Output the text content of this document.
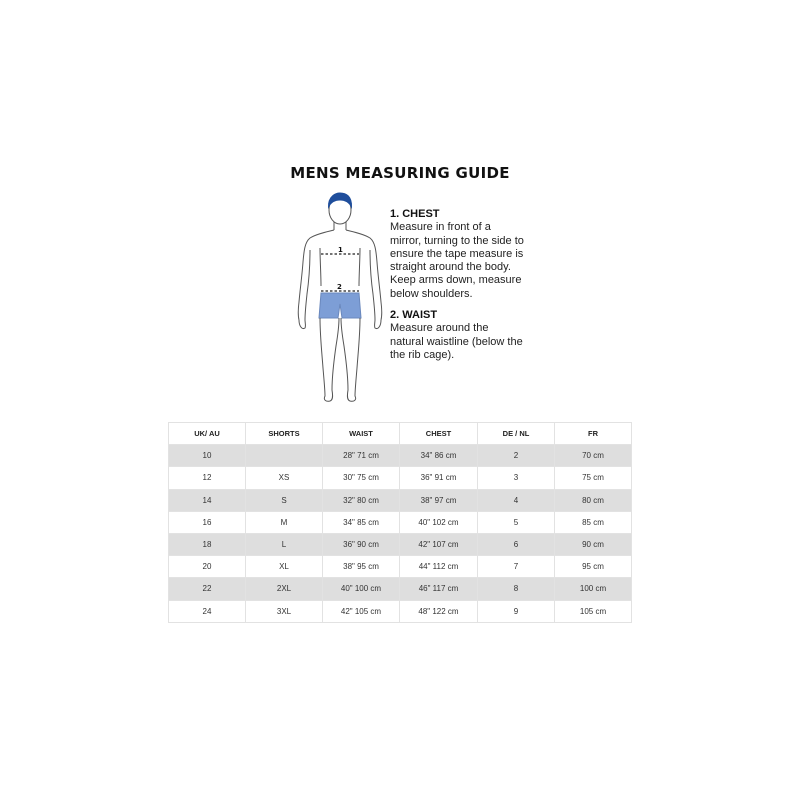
MENS MEASURING GUIDE
1
2
1. CHEST
Measure in front of a mirror, turning to the side to ensure the tape measure is straight around the body. Keep arms down, measure below shoulders.
2. WAIST
Measure around the natural waistline (below the the rib cage).
UK/ AU	SHORTS	WAIST	CHEST	DE / NL	FR
10		28" 71 cm	34" 86 cm	2	70 cm
12	XS	30" 75 cm	36" 91 cm	3	75 cm
14	S	32" 80 cm	38" 97 cm	4	80 cm
16	M	34" 85 cm	40" 102 cm	5	85 cm
18	L	36" 90 cm	42" 107 cm	6	90 cm
20	XL	38" 95 cm	44" 112 cm	7	95 cm
22	2XL	40" 100 cm	46" 117 cm	8	100 cm
24	3XL	42" 105 cm	48" 122 cm	9	105 cm
